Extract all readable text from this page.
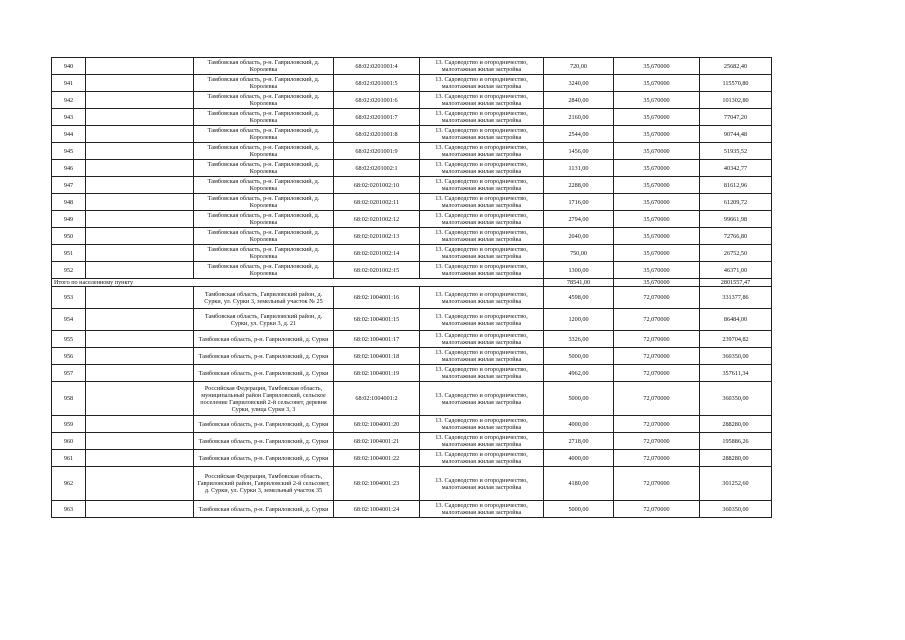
940		Тамбовская область, р-н. Гавриловский, д. Королевка	68:02:0201001:4	13. Садоводство и огородничество, малоэтажная жилая застройка	720,00	35,670000	25682,40
941		Тамбовская область, р-н. Гавриловский, д. Королевка	68:02:0201001:5	13. Садоводство и огородничество, малоэтажная жилая застройка	3240,00	35,670000	115570,80
942		Тамбовская область, р-н. Гавриловский, д. Королевка	68:02:0201001:6	13. Садоводство и огородничество, малоэтажная жилая застройка	2840,00	35,670000	101302,80
943		Тамбовская область, р-н. Гавриловский, д. Королевка	68:02:0201001:7	13. Садоводство и огородничество, малоэтажная жилая застройка	2160,00	35,670000	77047,20
944		Тамбовская область, р-н. Гавриловский, д. Королевка	68:02:0201001:8	13. Садоводство и огородничество, малоэтажная жилая застройка	2544,00	35,670000	90744,48
945		Тамбовская область, р-н. Гавриловский, д. Королевка	68:02:0201001:9	13. Садоводство и огородничество, малоэтажная жилая застройка	1456,00	35,670000	51935,52
946		Тамбовская область, р-н. Гавриловский, д. Королевка	68:02:0201002:1	13. Садоводство и огородничество, малоэтажная жилая застройка	1131,00	35,670000	40342,77
947		Тамбовская область, р-н. Гавриловский, д. Королевка	68:02:0201002:10	13. Садоводство и огородничество, малоэтажная жилая застройка	2288,00	35,670000	81612,96
948		Тамбовская область, р-н. Гавриловский, д. Королевка	68:02:0201002:11	13. Садоводство и огородничество, малоэтажная жилая застройка	1716,00	35,670000	61209,72
949		Тамбовская область, р-н. Гавриловский, д. Королевка	68:02:0201002:12	13. Садоводство и огородничество, малоэтажная жилая застройка	2794,00	35,670000	99661,98
950		Тамбовская область, р-н. Гавриловский, д. Королевка	68:02:0201002:13	13. Садоводство и огородничество, малоэтажная жилая застройка	2040,00	35,670000	72766,80
951		Тамбовская область, р-н. Гавриловский, д. Королевка	68:02:0201002:14	13. Садоводство и огородничество, малоэтажная жилая застройка	750,00	35,670000	26752,50
952		Тамбовская область, р-н. Гавриловский, д. Королевка	68:02:0201002:15	13. Садоводство и огородничество, малоэтажная жилая застройка	1300,00	35,670000	46371,00
Итого по населенному пункту					78541,00	35,670000	2801557,47
953		Тамбовская область, Гавриловский район, д. Сурки, ул. Сурки 3, земельный участок № 25	68:02:1004001:16	13. Садоводство и огородничество, малоэтажная жилая застройка	4598,00	72,070000	331377,86
954		Тамбовская область, Гавриловский район, д. Сурки, ул. Сурки 3, д. 21	68:02:1004001:15	13. Садоводство и огородничество, малоэтажная жилая застройка	1200,00	72,070000	86484,00
955		Тамбовская область, р-н. Гавриловский, д. Сурки	68:02:1004001:17	13. Садоводство и огородничество, малоэтажная жилая застройка	3326,00	72,070000	239704,82
956		Тамбовская область, р-н. Гавриловский, д. Сурки	68:02:1004001:18	13. Садоводство и огородничество, малоэтажная жилая застройка	5000,00	72,070000	360350,00
957		Тамбовская область, р-н. Гавриловский, д. Сурки	68:02:1004001:19	13. Садоводство и огородничество, малоэтажная жилая застройка	4962,00	72,070000	357611,34
958		Российская Федерация, Тамбовская область, муниципальный район Гавриловский, сельское поселение Гавриловский 2-й сельсовет, деревня Сурки, улица Сурки 3, 3	68:02:1004001:2	13. Садоводство и огородничество, малоэтажная жилая застройка	5000,00	72,070000	360350,00
959		Тамбовская область, р-н. Гавриловский, д. Сурки	68:02:1004001:20	13. Садоводство и огородничество, малоэтажная жилая застройка	4000,00	72,070000	288280,00
960		Тамбовская область, р-н. Гавриловский, д. Сурки	68:02:1004001:21	13. Садоводство и огородничество, малоэтажная жилая застройка	2718,00	72,070000	195886,26
961		Тамбовская область, р-н. Гавриловский, д. Сурки	68:02:1004001:22	13. Садоводство и огородничество, малоэтажная жилая застройка	4000,00	72,070000	288280,00
962		Российская Федерация, Тамбовская область, Гавриловский район, Гавриловский 2-й сельсовет, д. Сурки, ул. Сурки 3, земельный участок 35	68:02:1004001:23	13. Садоводство и огородничество, малоэтажная жилая застройка	4180,00	72,070000	301252,60
963		Тамбовская область, р-н. Гавриловский, д. Сурки	68:02:1004001:24	13. Садоводство и огородничество, малоэтажная жилая застройка	5000,00	72,070000	360350,00
